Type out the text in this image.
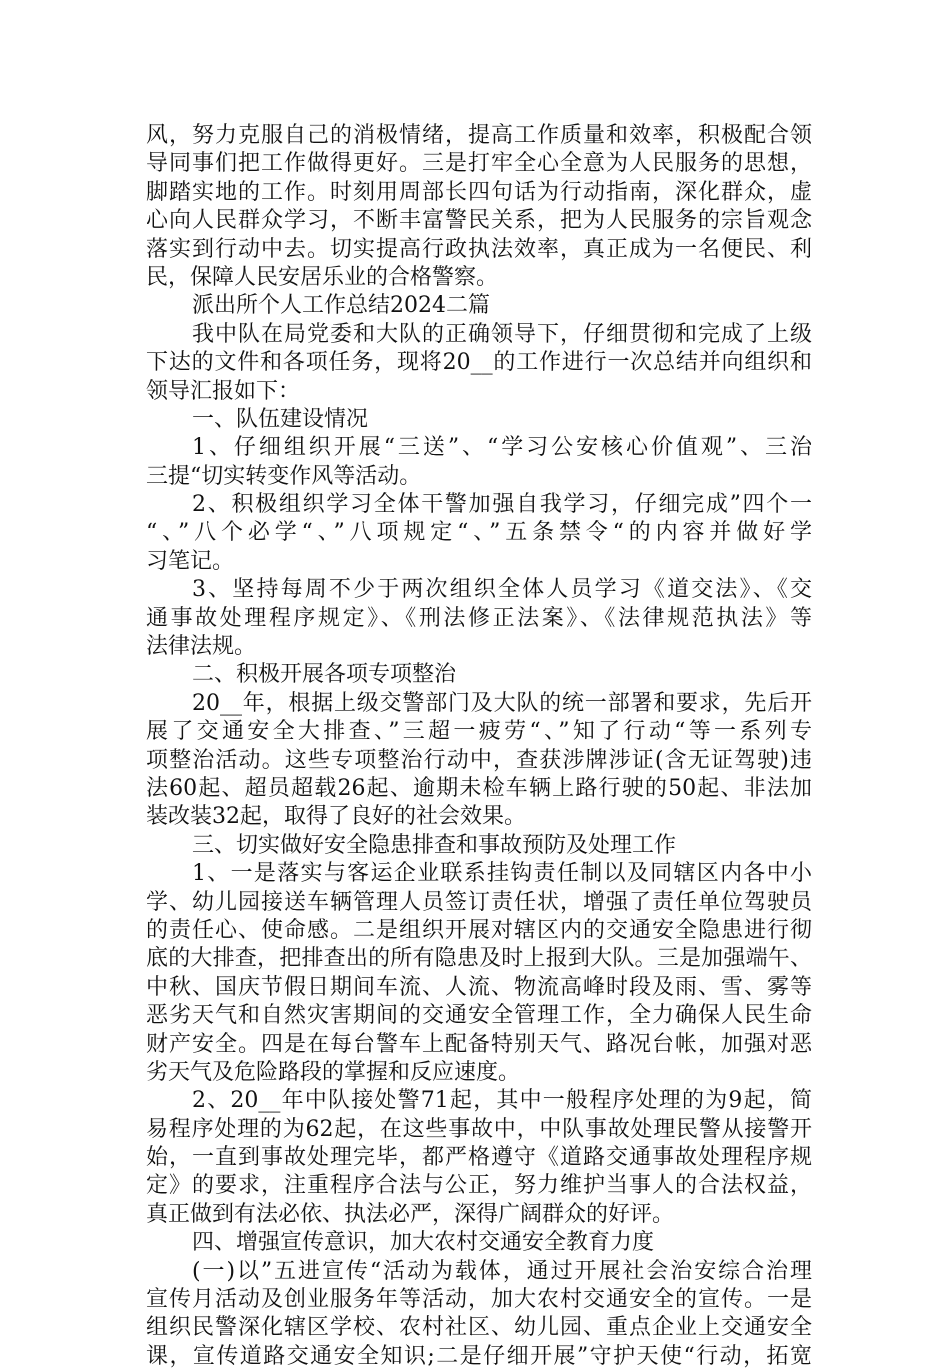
风，努力克服自己的消极情绪，提高工作质量和效率，积极配合领
导同事们把工作做得更好。三是打牢全心全意为人民服务的思想，
脚踏实地的工作。时刻用周部长四句话为行动指南，深化群众，虚
心向人民群众学习，不断丰富警民关系，把为人民服务的宗旨观念
落实到行动中去。切实提高行政执法效率，真正成为一名便民、利
民，保障人民安居乐业的合格警察。
派出所个人工作总结2024二篇
我中队在局党委和大队的正确领导下，仔细贯彻和完成了上级
下达的文件和各项任务，现将20__的工作进行一次总结并向组织和
领导汇报如下：
一、队伍建设情况
1、仔细组织开展“三送”、“学习公安核心价值观”、三治
三提“切实转变作风等活动。
2、积极组织学习全体干警加强自我学习，仔细完成”四个一
“、”八个必学“、”八项规定“、”五条禁令“的内容并做好学
习笔记。
3、坚持每周不少于两次组织全体人员学习《道交法》、《交
通事故处理程序规定》、《刑法修正法案》、《法律规范执法》等
法律法规。
二、积极开展各项专项整治
20__年，根据上级交警部门及大队的统一部署和要求，先后开
展了交通安全大排查、”三超一疲劳“、”知了行动“等一系列专
项整治活动。这些专项整治行动中，查获涉牌涉证(含无证驾驶)违
法60起、超员超载26起、逾期未检车辆上路行驶的50起、非法加
装改装32起，取得了良好的社会效果。
三、切实做好安全隐患排查和事故预防及处理工作
1、一是落实与客运企业联系挂钩责任制以及同辖区内各中小
学、幼儿园接送车辆管理人员签订责任状，增强了责任单位驾驶员
的责任心、使命感。二是组织开展对辖区内的交通安全隐患进行彻
底的大排查，把排查出的所有隐患及时上报到大队。三是加强端午、
中秋、国庆节假日期间车流、人流、物流高峰时段及雨、雪、雾等
恶劣天气和自然灾害期间的交通安全管理工作，全力确保人民生命
财产安全。四是在每台警车上配备特别天气、路况台帐，加强对恶
劣天气及危险路段的掌握和反应速度。
2、20__年中队接处警71起，其中一般程序处理的为9起，简
易程序处理的为62起，在这些事故中，中队事故处理民警从接警开
始，一直到事故处理完毕，都严格遵守《道路交通事故处理程序规
定》的要求，注重程序合法与公正，努力维护当事人的合法权益，
真正做到有法必依、执法必严，深得广阔群众的好评。
四、增强宣传意识，加大农村交通安全教育力度
(一)以”五进宣传“活动为载体，通过开展社会治安综合治理
宣传月活动及创业服务年等活动，加大农村交通安全的宣传。一是
组织民警深化辖区学校、农村社区、幼儿园、重点企业上交通安全
课，宣传道路交通安全知识;二是仔细开展”守护天使“行动，拓宽
